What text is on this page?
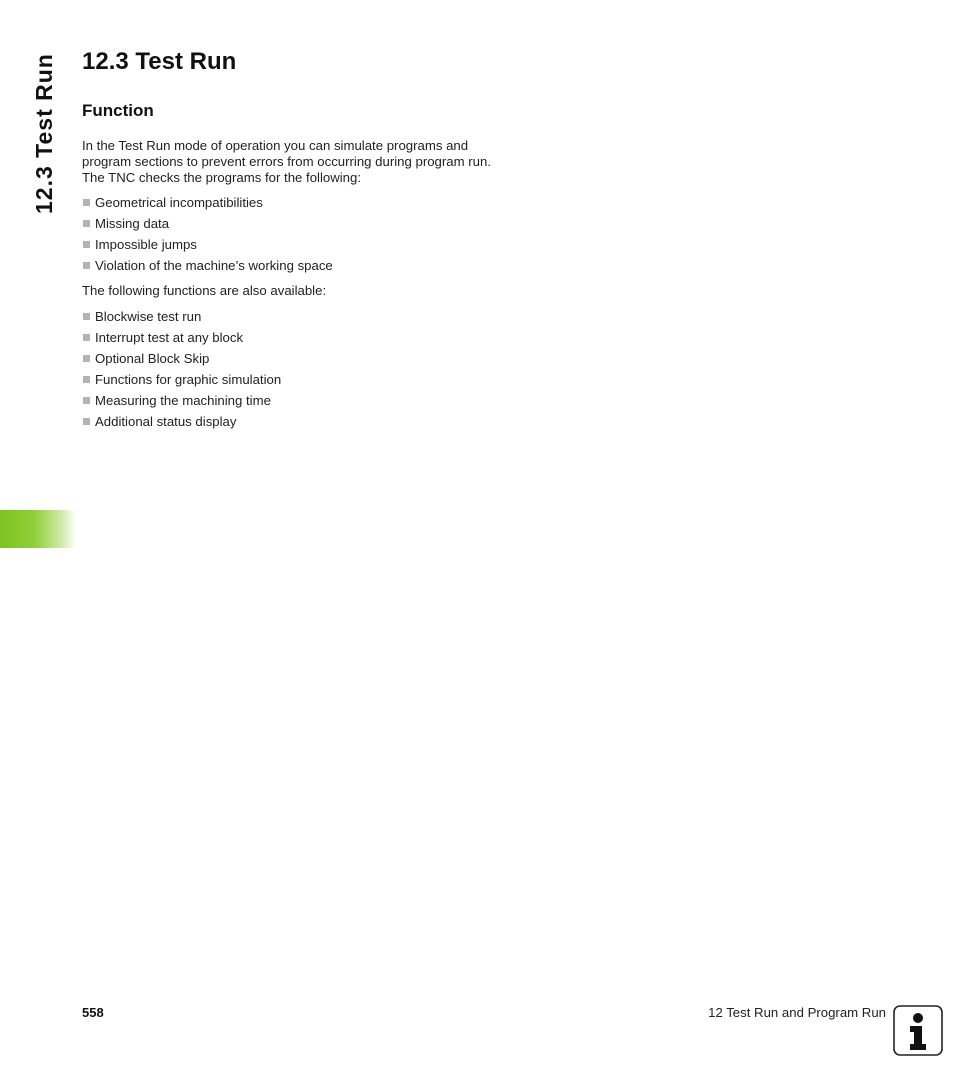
12.3 Test Run 12.3 Test Run
Function

In the Test Run mode of operation you can simulate programs and
program sections to prevent errors from occurring during program run.
The TNC checks the programs for the following:

Geometrical incompatibilities
Missing data
Impossible jumps
Violation of the machine’s working space

The following functions are also available:

Blockwise test run
Interrupt test at any block
Optional Block Skip
Functions for graphic simulation
Measuring the machining time
Additional status display
558	12 Test Run and Program Run
